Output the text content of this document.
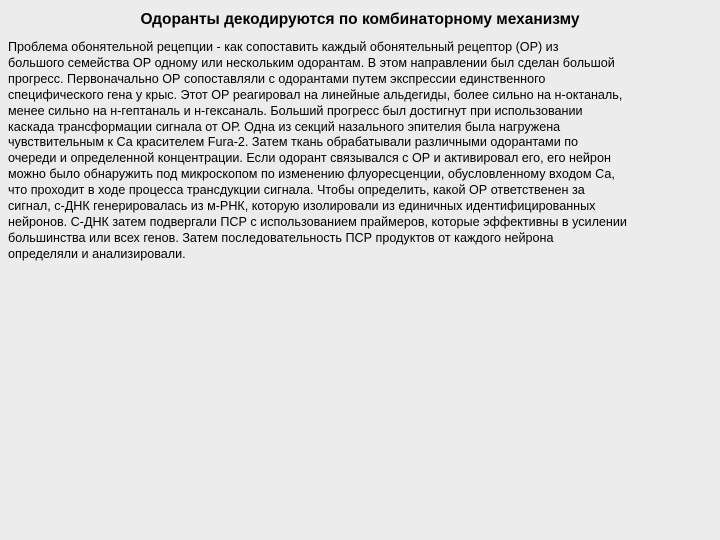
Одоранты декодируются по комбинаторному механизму

Проблема обонятельной рецепции - как сопоставить каждый обонятельный рецептор (ОР) из
большого семейства ОР одному или нескольким одорантам. В этом направлении был сделан большой
прогресс. Первоначально ОР сопоставляли с одорантами путем экспрессии единственного
специфического гена у крыс. Этот ОР реагировал на линейные альдегиды, более сильно на н-октаналь,
менее сильно на н-гептаналь и н-гексаналь. Больший прогресс был достигнут при использовании
каскада трансформации сигнала от ОР. Одна из секций назального эпителия была нагружена
чувствительным к Са красителем Fura-2. Затем ткань обрабатывали различными одорантами по
очереди и определенной концентрации. Если одорант связывался с ОР и активировал его, его нейрон
можно было обнаружить под микроскопом по изменению флуоресценции, обусловленному входом Са,
что проходит в ходе процесса трансдукции сигнала. Чтобы определить, какой ОР ответственен за
сигнал, с-ДНК генерировалась из м-РНК, которую изолировали из единичных идентифицированных
нейронов. С-ДНК затем подвергали ПСР с использованием праймеров, которые эффективны в усилении
большинства или всех генов. Затем последовательность ПСР продуктов от каждого нейрона
определяли и анализировали.
